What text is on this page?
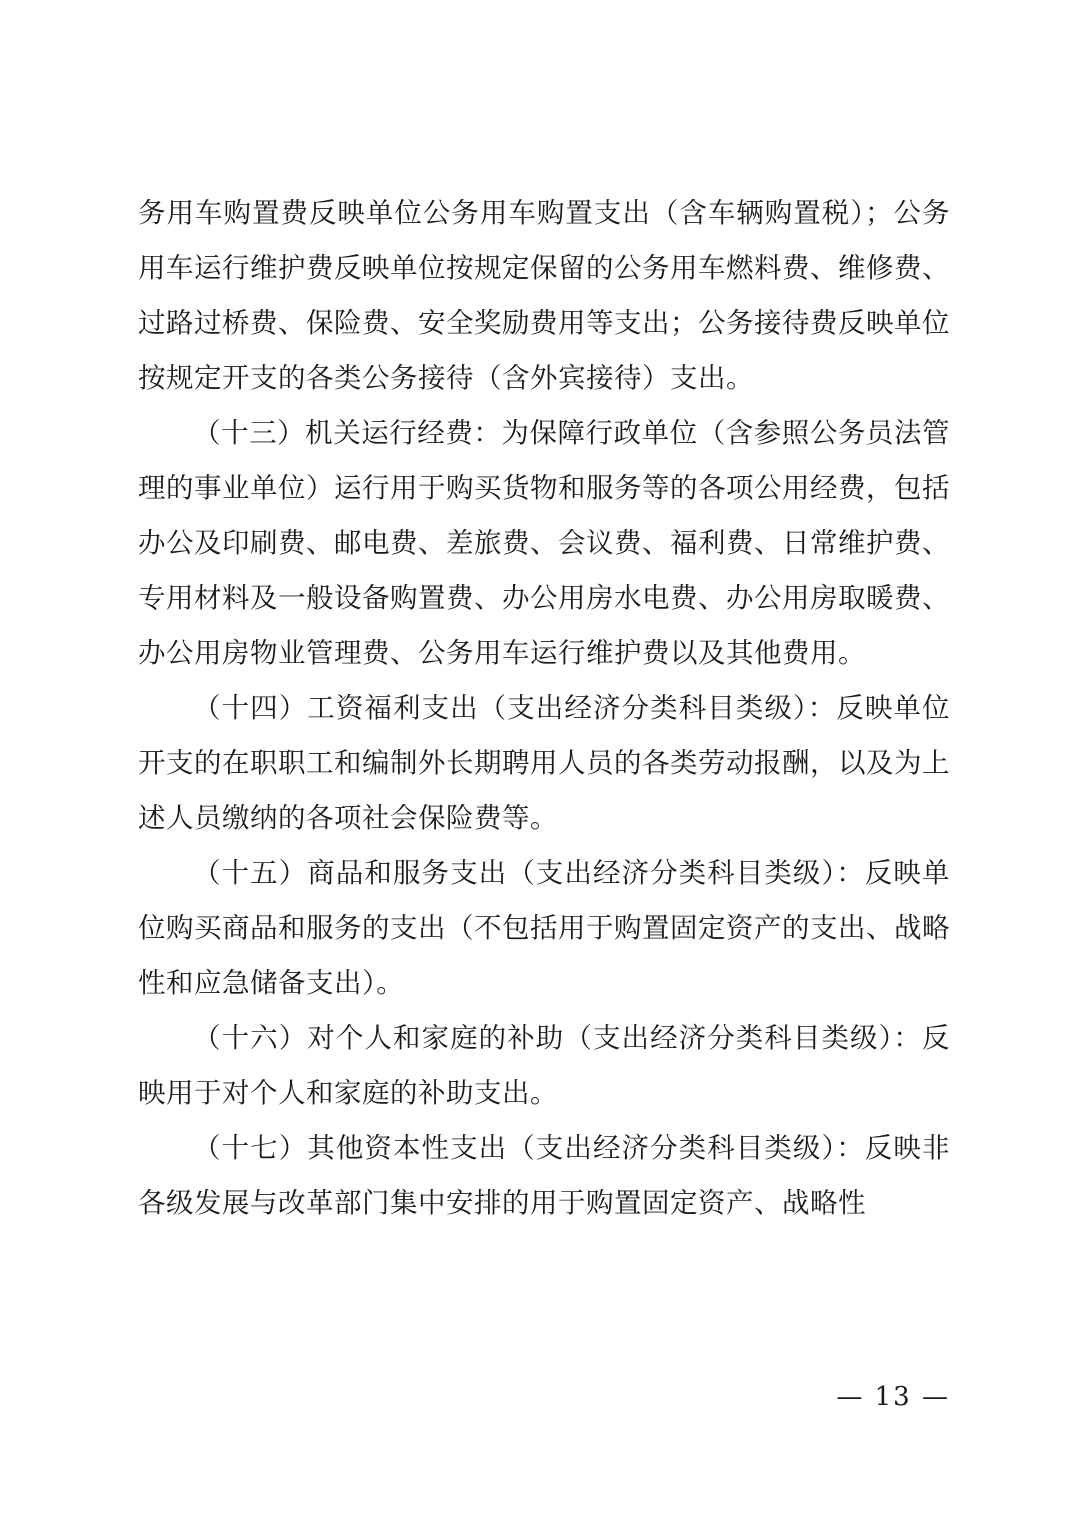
务用车购置费反映单位公务用车购置支出（含车辆购置税）；公务用车运行维护费反映单位按规定保留的公务用车燃料费、维修费、过路过桥费、保险费、安全奖励费用等支出；公务接待费反映单位按规定开支的各类公务接待（含外宾接待）支出。

（十三）机关运行经费：为保障行政单位（含参照公务员法管理的事业单位）运行用于购买货物和服务等的各项公用经费，包括办公及印刷费、邮电费、差旅费、会议费、福利费、日常维护费、专用材料及一般设备购置费、办公用房水电费、办公用房取暖费、办公用房物业管理费、公务用车运行维护费以及其他费用。

（十四）工资福利支出（支出经济分类科目类级）：反映单位开支的在职职工和编制外长期聘用人员的各类劳动报酬，以及为上述人员缴纳的各项社会保险费等。

（十五）商品和服务支出（支出经济分类科目类级）：反映单位购买商品和服务的支出（不包括用于购置固定资产的支出、战略性和应急储备支出）。

（十六）对个人和家庭的补助（支出经济分类科目类级）：反映用于对个人和家庭的补助支出。

（十七）其他资本性支出（支出经济分类科目类级）：反映非各级发展与改革部门集中安排的用于购置固定资产、战略性

— 13 —
